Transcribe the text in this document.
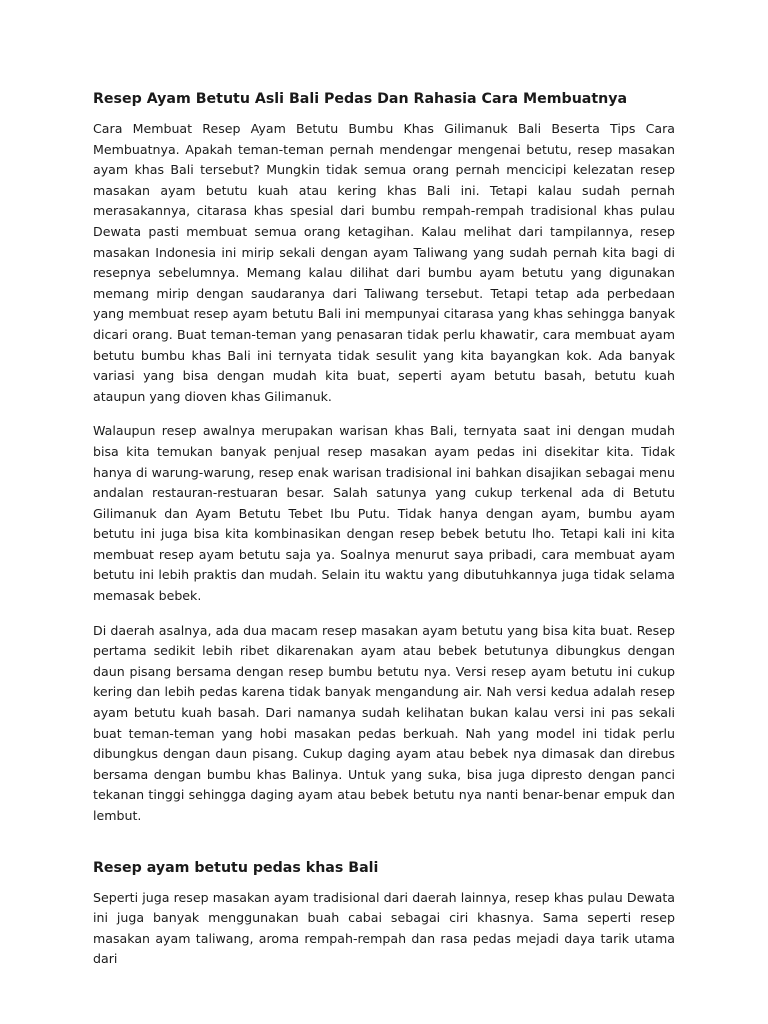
Resep Ayam Betutu Asli Bali Pedas Dan Rahasia Cara Membuatnya

Cara Membuat Resep Ayam Betutu Bumbu Khas Gilimanuk Bali Beserta Tips Cara Membuatnya. Apakah teman-teman pernah mendengar mengenai betutu, resep masakan ayam khas Bali tersebut? Mungkin tidak semua orang pernah mencicipi kelezatan resep masakan ayam betutu kuah atau kering khas Bali ini. Tetapi kalau sudah pernah merasakannya, citarasa khas spesial dari bumbu rempah-rempah tradisional khas pulau Dewata pasti membuat semua orang ketagihan. Kalau melihat dari tampilannya, resep masakan Indonesia ini mirip sekali dengan ayam Taliwang yang sudah pernah kita bagi di resepnya sebelumnya. Memang kalau dilihat dari bumbu ayam betutu yang digunakan memang mirip dengan saudaranya dari Taliwang tersebut. Tetapi tetap ada perbedaan yang membuat resep ayam betutu Bali ini mempunyai citarasa yang khas sehingga banyak dicari orang. Buat teman-teman yang penasaran tidak perlu khawatir, cara membuat ayam betutu bumbu khas Bali ini ternyata tidak sesulit yang kita bayangkan kok. Ada banyak variasi yang bisa dengan mudah kita buat, seperti ayam betutu basah, betutu kuah ataupun yang dioven khas Gilimanuk.

Walaupun resep awalnya merupakan warisan khas Bali, ternyata saat ini dengan mudah bisa kita temukan banyak penjual resep masakan ayam pedas ini disekitar kita. Tidak hanya di warung-warung, resep enak warisan tradisional ini bahkan disajikan sebagai menu andalan restauran-restuaran besar. Salah satunya yang cukup terkenal ada di Betutu Gilimanuk dan Ayam Betutu Tebet Ibu Putu. Tidak hanya dengan ayam, bumbu ayam betutu ini juga bisa kita kombinasikan dengan resep bebek betutu lho. Tetapi kali ini kita membuat resep ayam betutu saja ya. Soalnya menurut saya pribadi, cara membuat ayam betutu ini lebih praktis dan mudah. Selain itu waktu yang dibutuhkannya juga tidak selama memasak bebek.

Di daerah asalnya, ada dua macam resep masakan ayam betutu yang bisa kita buat. Resep pertama sedikit lebih ribet dikarenakan ayam atau bebek betutunya dibungkus dengan daun pisang bersama dengan resep bumbu betutu nya. Versi resep ayam betutu ini cukup kering dan lebih pedas karena tidak banyak mengandung air. Nah versi kedua adalah resep ayam betutu kuah basah. Dari namanya sudah kelihatan bukan kalau versi ini pas sekali buat teman-teman yang hobi masakan pedas berkuah. Nah yang model ini tidak perlu dibungkus dengan daun pisang. Cukup daging ayam atau bebek nya dimasak dan direbus bersama dengan bumbu khas Balinya. Untuk yang suka, bisa juga dipresto dengan panci tekanan tinggi sehingga daging ayam atau bebek betutu nya nanti benar-benar empuk dan lembut.

Resep ayam betutu pedas khas Bali

Seperti juga resep masakan ayam tradisional dari daerah lainnya, resep khas pulau Dewata ini juga banyak menggunakan buah cabai sebagai ciri khasnya. Sama seperti resep masakan ayam taliwang, aroma rempah-rempah dan rasa pedas mejadi daya tarik utama dari
